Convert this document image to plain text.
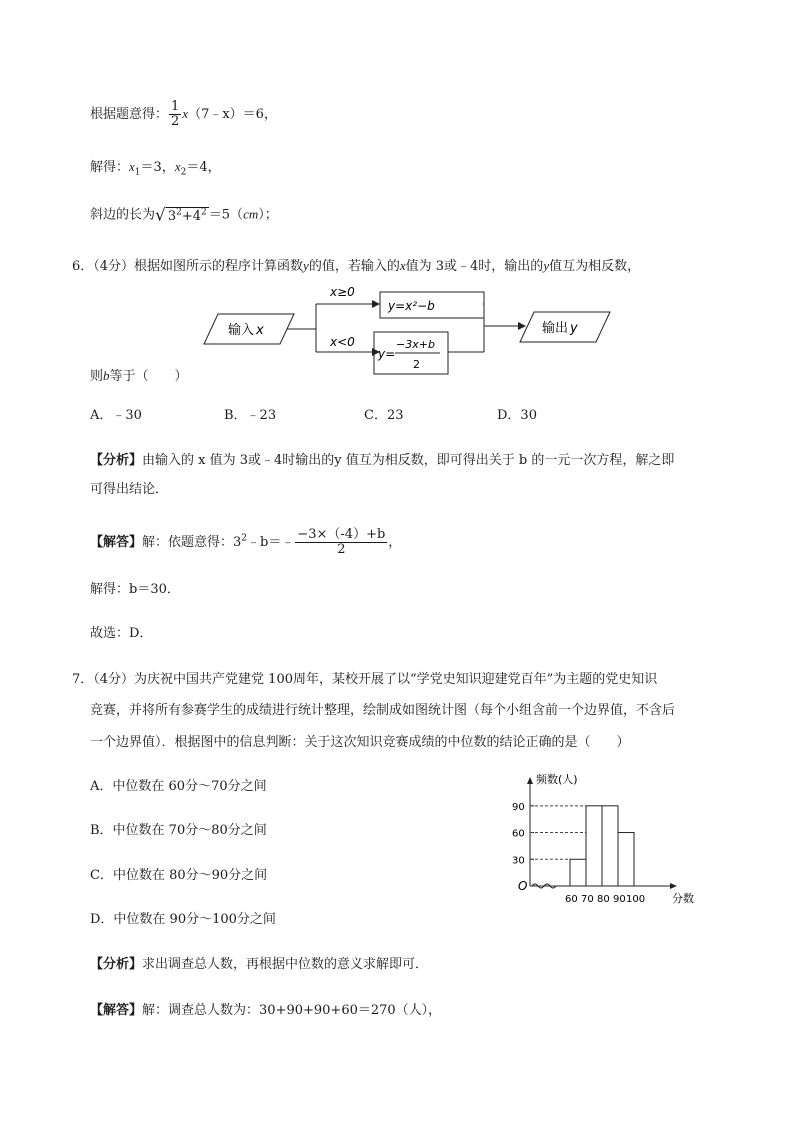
根据题意得： $\frac{1}{2}$ x（7﹣x）＝6，
解得：$x_1=3$，$x_2=4$，
斜边的长为√ $3^2+4^2 =5(cm)$；
6．（4分）根据如图所示的程序计算函数y的值，若输入的x值为 3或﹣4时，输出的y值互为相反数，
输入 x
x≥0
x<0
y=x²−b
y=
−3x+b
2
输出 y
则b等于（　　）
A．﹣30	B．﹣23	C．23	D．30
【分析】由输入的 x 值为 3或﹣4时输出的y 值互为相反数，即可得出关于 b 的一元一次方程，解之即
可得出结论．
【解答】解：依题意得：$3^2﹣b=﹣ \frac{-3\times(-4)+b}{2}$ ，
解得：b＝30．
故选：D．
7．（4分）为庆祝中国共产党建党 100周年，某校开展了以“学党史知识迎建党百年”为主题的党史知识
竞赛，并将所有参赛学生的成绩进行统计整理，绘制成如图统计图（每个小组含前一个边界值，不含后
一个边界值）．根据图中的信息判断：关于这次知识竞赛成绩的中位数的结论正确的是（　　）
A．中位数在 60分～70分之间
B．中位数在 70分～80分之间
C．中位数在 80分～90分之间
D．中位数在 90分～100分之间
频数(人)
分数
O
30
60
90
60 70 80 90 100
【分析】求出调查总人数，再根据中位数的意义求解即可．
【解答】解：调查总人数为：30+90+90+60＝270（人），
